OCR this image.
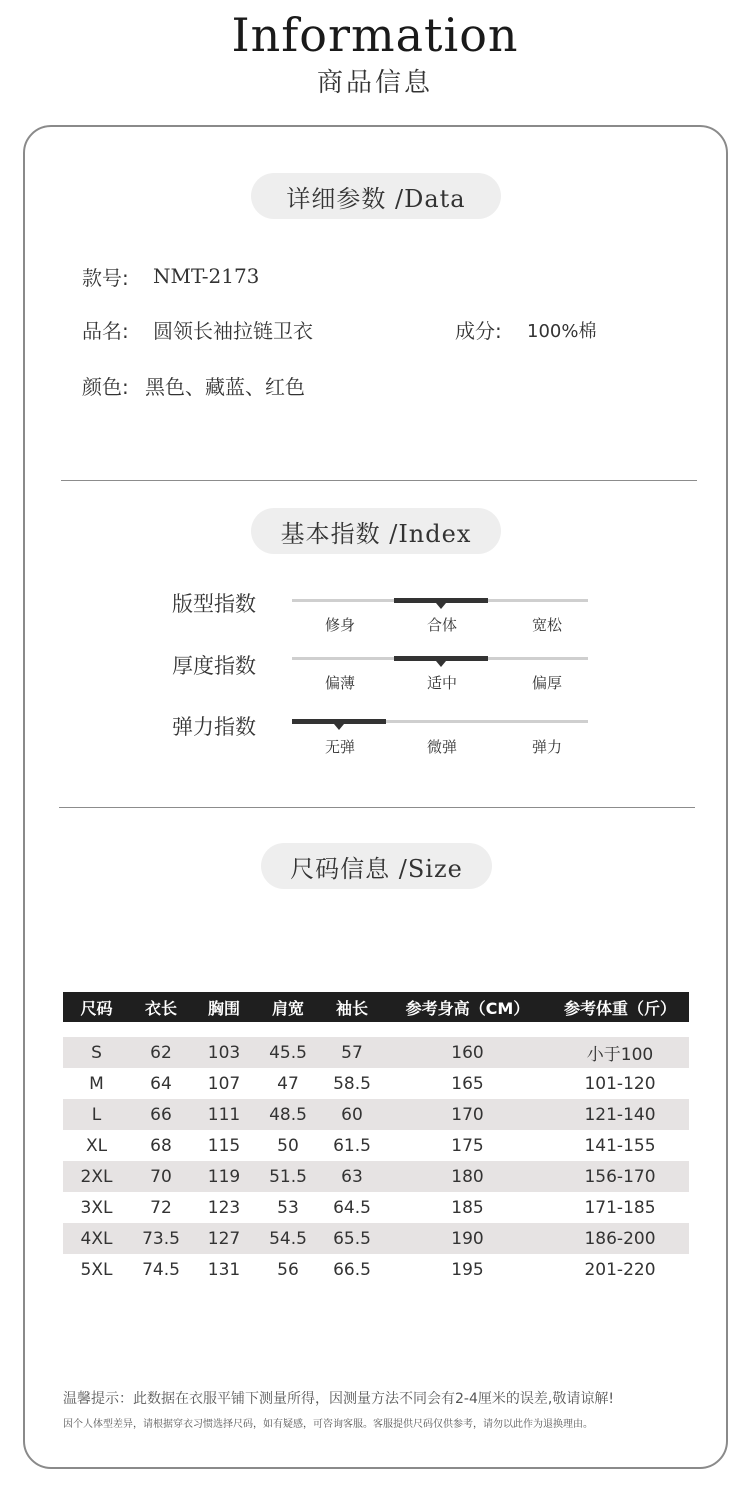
Information
商品信息
详细参数 /Data
款号: NMT-2173
品名: 圆领长袖拉链卫衣	成分: 100%棉
颜色: 黑色、藏蓝、红色
基本指数 /Index
版型指数
修身	合体	宽松
厚度指数
偏薄	适中	偏厚
弹力指数
无弹	微弹	弹力
尺码信息 /Size
尺码	衣长	胸围	肩宽	袖长	参考身高（CM）	参考体重（斤）

S	62	103	45.5	57	160	小于100
M	64	107	47	58.5	165	101-120
L	66	111	48.5	60	170	121-140
XL	68	115	50	61.5	175	141-155
2XL	70	119	51.5	63	180	156-170
3XL	72	123	53	64.5	185	171-185
4XL	73.5	127	54.5	65.5	190	186-200
5XL	74.5	131	56	66.5	195	201-220
温馨提示：此数据在衣服平铺下测量所得，因测量方法不同会有2-4厘米的误差,敬请谅解!
因个人体型差异，请根据穿衣习惯选择尺码，如有疑感，可咨询客服。客服提供尺码仅供参考，请勿以此作为退换理由。
